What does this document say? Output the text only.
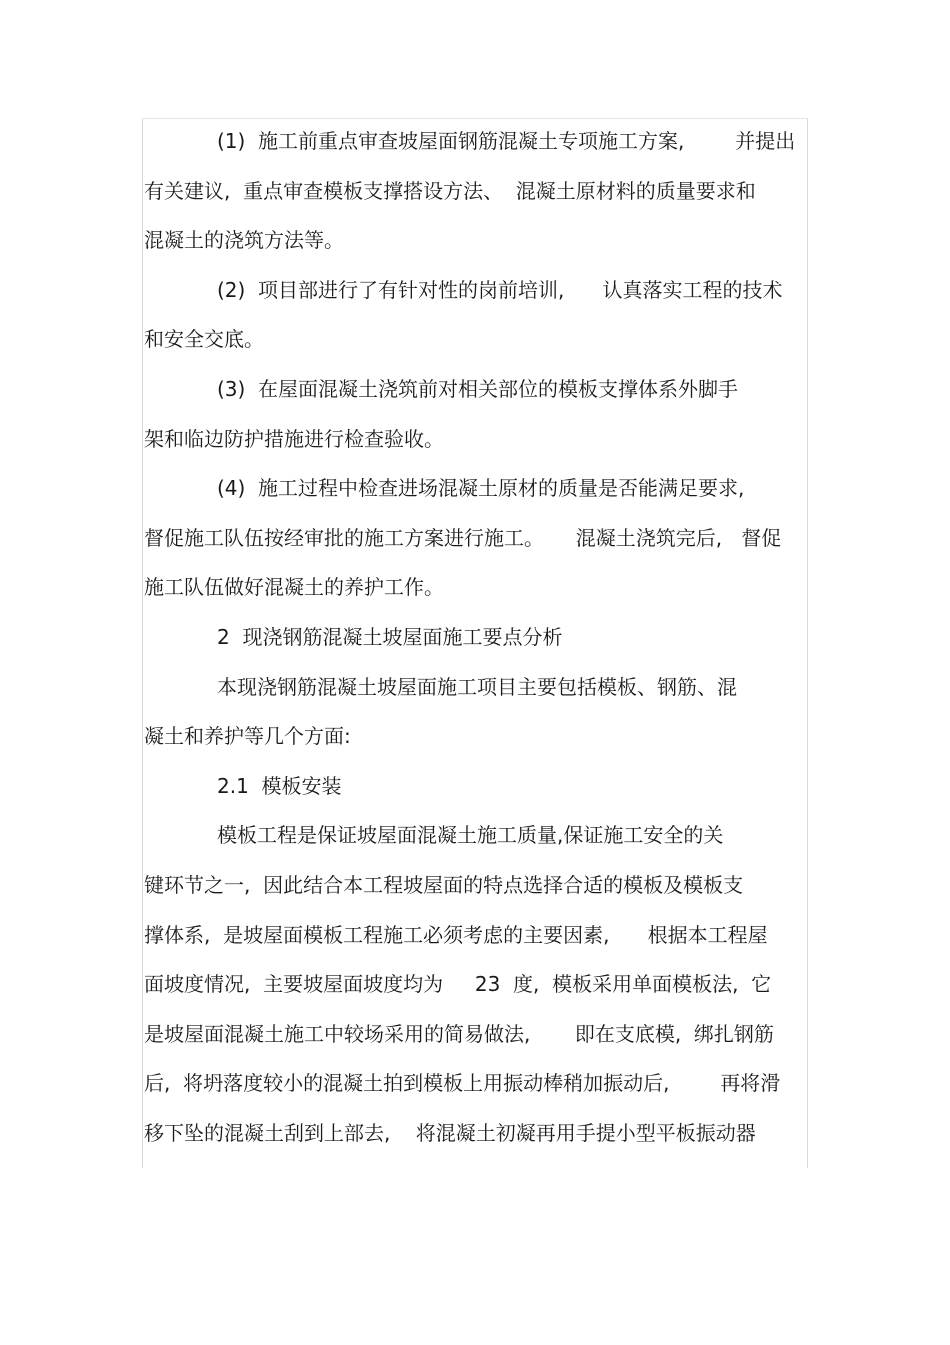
(1)  施工前重点审查坡屋面钢筋混凝土专项施工方案,        并提出
有关建议,  重点审查模板支撑搭设方法、  混凝土原材料的质量要求和
混凝土的浇筑方法等。
(2)  项目部进行了有针对性的岗前培训,      认真落实工程的技术
和安全交底。
(3)  在屋面混凝土浇筑前对相关部位的模板支撑体系外脚手
架和临边防护措施进行检查验收。
(4)  施工过程中检查进场混凝土原材的质量是否能满足要求,
督促施工队伍按经审批的施工方案进行施工。     混凝土浇筑完后,   督促
施工队伍做好混凝土的养护工作。
2  现浇钢筋混凝土坡屋面施工要点分析
本现浇钢筋混凝土坡屋面施工项目主要包括模板、钢筋、混
凝土和养护等几个方面:
2.1  模板安装
模板工程是保证坡屋面混凝土施工质量,保证施工安全的关
键环节之一,  因此结合本工程坡屋面的特点选择合适的模板及模板支
撑体系,  是坡屋面模板工程施工必须考虑的主要因素,      根据本工程屋
面坡度情况,  主要坡屋面坡度均为     23  度,  模板采用单面模板法,  它
是坡屋面混凝土施工中较场采用的简易做法,       即在支底模,  绑扎钢筋
后,  将坍落度较小的混凝土拍到模板上用振动棒稍加振动后,        再将滑
移下坠的混凝土刮到上部去,    将混凝土初凝再用手提小型平板振动器
